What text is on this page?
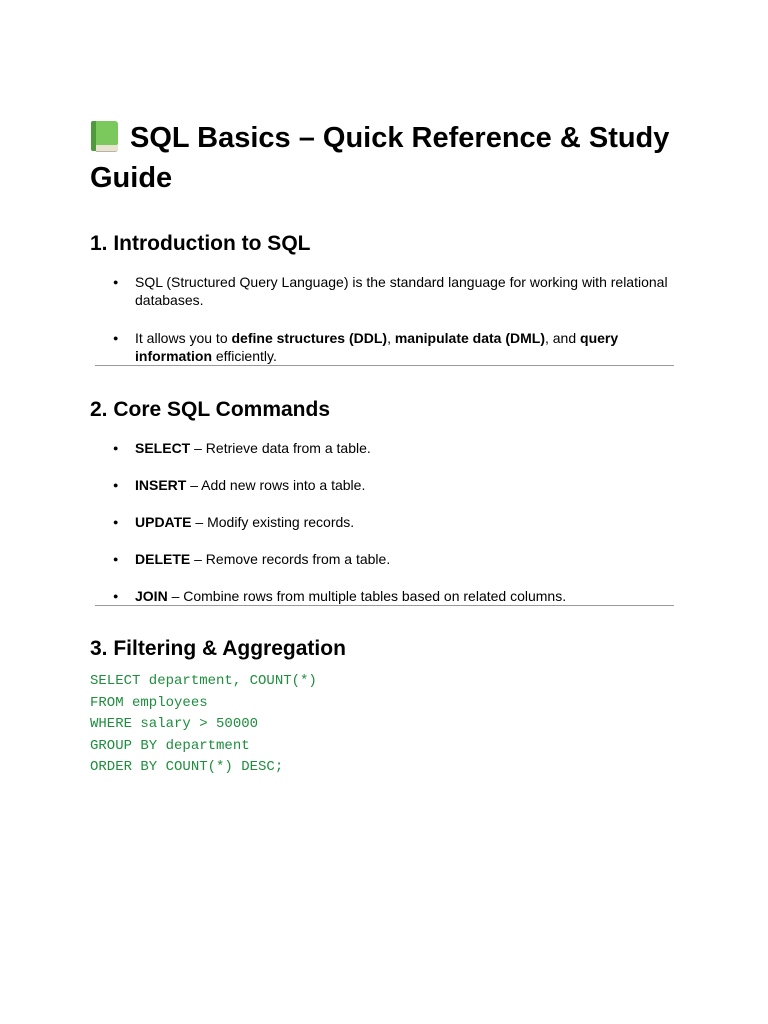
SQL Basics – Quick Reference & Study Guide
1. Introduction to SQL
● SQL (Structured Query Language) is the standard language for working with relational databases.
● It allows you to define structures (DDL), manipulate data (DML), and query information efficiently.
2. Core SQL Commands
● SELECT – Retrieve data from a table.
● INSERT – Add new rows into a table.
● UPDATE – Modify existing records.
● DELETE – Remove records from a table.
● JOIN – Combine rows from multiple tables based on related columns.
3. Filtering & Aggregation
SELECT department, COUNT(*)
FROM employees
WHERE salary > 50000
GROUP BY department
ORDER BY COUNT(*) DESC;
